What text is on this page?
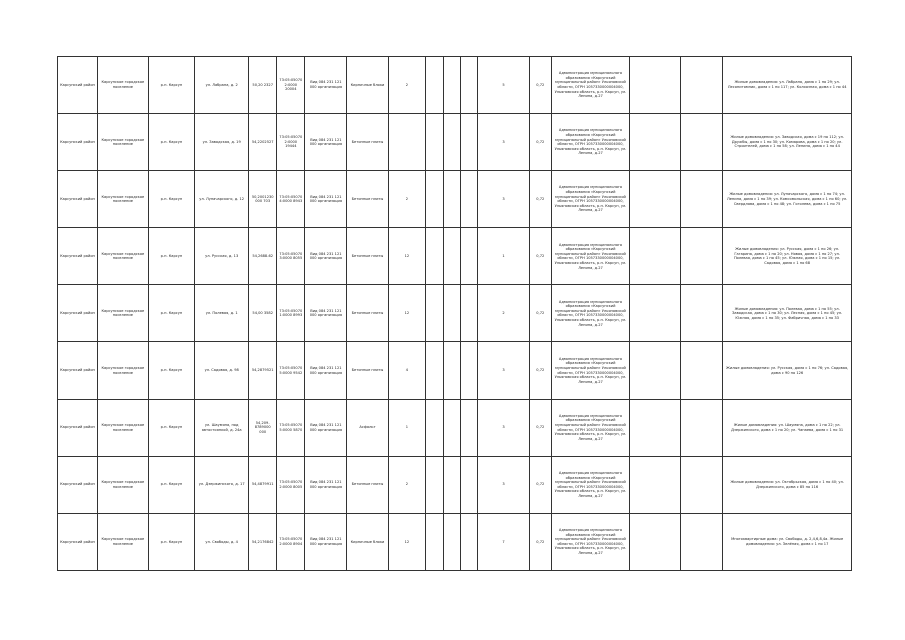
Карсунский район	Карсунское городское поселение	р.п. Карсун	ул. Лабрана, д. 2	50,20 2327	73:05:050702:0000 20004	Вид 084 231 121 000 организация	Кирпичные блоки	2				5	0,72	Администрация муниципального образования «Карсунский муниципальный район» Ульяновской области, ОГРН 1057330000004000, Ульяновская область, р.п. Карсун, ул. Ленина, д.27			Жилые домовладения: ул. Лабрана, дома с 1 по 29; ул. Лесопитомник, дома с 1 по 117; ул. Колхозная, дома с 1 по 44
Карсунский район	Карсунское городское поселение	р.п. Карсун	ул. Заводская, д. 19	54,2202527	73:05:050702:0000 19444	Вид 084 231 121 000 организация	Бетонные плиты					3	0,72	Администрация муниципального образования «Карсунский муниципальный район» Ульяновской области, ОГРН 1057330000004000, Ульяновская область, р.п. Карсун, ул. Ленина, д.27			Жилые домовладения: ул. Заводская, дома с 19 по 112; ул. Дружбы, дома с 1 по 30; ул. Комарова, дома с 1 по 20; ул. Строителей, дома с 1 по 58; ул. Ленина, дома с 1 по 44
Карсунский район	Карсунское городское поселение	р.п. Карсун	ул. Луначарского, д. 12	50,2001230000 703	73:05:050704:0000 8943	Вид 084 231 121 000 организация	Бетонные плиты	2				3	0,72	Администрация муниципального образования «Карсунский муниципальный район» Ульяновской области, ОГРН 1057330000004000, Ульяновская область, р.п. Карсун, ул. Ленина, д.27			Жилые домовладения: ул. Луначарского, дома с 1 по 74; ул. Ленина, дома с 1 по 39; ул. Комсомольская, дома с 1 по 60; ул. Свердлова, дома с 1 по 48; ул. Гоголева, дома с 1 по 75
Карсунский район	Карсунское городское поселение	р.п. Карсун	ул. Русская, д. 13	54,2688-62	73:05:050703:0000 8055	Вид 084 231 121 000 организация	Бетонные плиты	12				1	0,72	Администрация муниципального образования «Карсунский муниципальный район» Ульяновской области, ОГРН 1057330000004000, Ульяновская область, р.п. Карсун, ул. Ленина, д.27			Жилые домовладения: ул. Русская, дома с 1 по 26; ул. Гагарина, дома с 1 по 20; ул. Новая, дома с 1 по 27; ул. Полевая, дома с 1 по 45; ул. Южная, дома с 1 по 15; ул. Садовая, дома с 1 по 68
Карсунский район	Карсунское городское поселение	р.п. Карсун	ул. Полевая, д. 1	54,00 3582	73:05:050701:0000 8993	Вид 084 231 121 000 организация	Бетонные плиты	12				2	0,72	Администрация муниципального образования «Карсунский муниципальный район» Ульяновской области, ОГРН 1057330000004000, Ульяновская область, р.п. Карсун, ул. Ленина, д.27			Жилые домовладения: ул. Полевая, дома с 1 по 55; ул. Заводская, дома с 1 по 30; ул. Лесная, дома с 1 по 45; ул. Южная, дома с 1 по 35; ул. Фабричная, дома с 1 по 33
Карсунский район	Карсунское городское поселение	р.п. Карсун	ул. Садовая, д. 98	54,2879521	73:05:050705:0000 9542	Вид 084 231 121 000 организация	Бетонные плиты	4				3	0,72	Администрация муниципального образования «Карсунский муниципальный район» Ульяновской области, ОГРН 1057330000004000, Ульяновская область, р.п. Карсун, ул. Ленина, д.27			Жилые домовладения: ул. Русская, дома с 1 по 76; ул. Садовая, дома с 90 по 126
Карсунский район	Карсунское городское поселение	р.п. Карсун	ул. Шаумяна, под автостоянкой, д. 24а	54,209-8789000 000	73:05:050705:0000 5870	Вид 084 231 121 000 организация	Асфальт	1				3	0,72	Администрация муниципального образования «Карсунский муниципальный район» Ульяновской области, ОГРН 1057330000004000, Ульяновская область, р.п. Карсун, ул. Ленина, д.27			Жилые домовладения: ул. Шаумяна, дома с 1 по 22; ул. Дзержинского, дома с 1 по 20; ул. Чапаева, дома с 1 по 31
Карсунский район	Карсунское городское поселение	р.п. Карсун	ул. Дзержинского, д. 17	54,4879911	73:05:050702:0000 8005	Вид 084 231 121 000 организация	Бетонные плиты	2				3	0,72	Администрация муниципального образования «Карсунский муниципальный район» Ульяновской области, ОГРН 1057330000004000, Ульяновская область, р.п. Карсун, ул. Ленина, д.27			Жилые домовладения: ул. Октябрьская, дома с 1 по 40; ул. Дзержинского, дома с 85 по 116
Карсунский район	Карсунское городское поселение	р.п. Карсун	ул. Свободы, д. 4	54,2176842	73:05:050702:0000 8904	Вид 084 231 121 000 организация	Кирпичные блоки	12				7	0,72	Администрация муниципального образования «Карсунский муниципальный район» Ульяновской области, ОГРН 1057330000004000, Ульяновская область, р.п. Карсун, ул. Ленина, д.27			Многоквартирные дома: ул. Свободы, д. 2,4,6,8,4а. Жилые домовладения: ул. Зелёная, дома с 1 по 17
